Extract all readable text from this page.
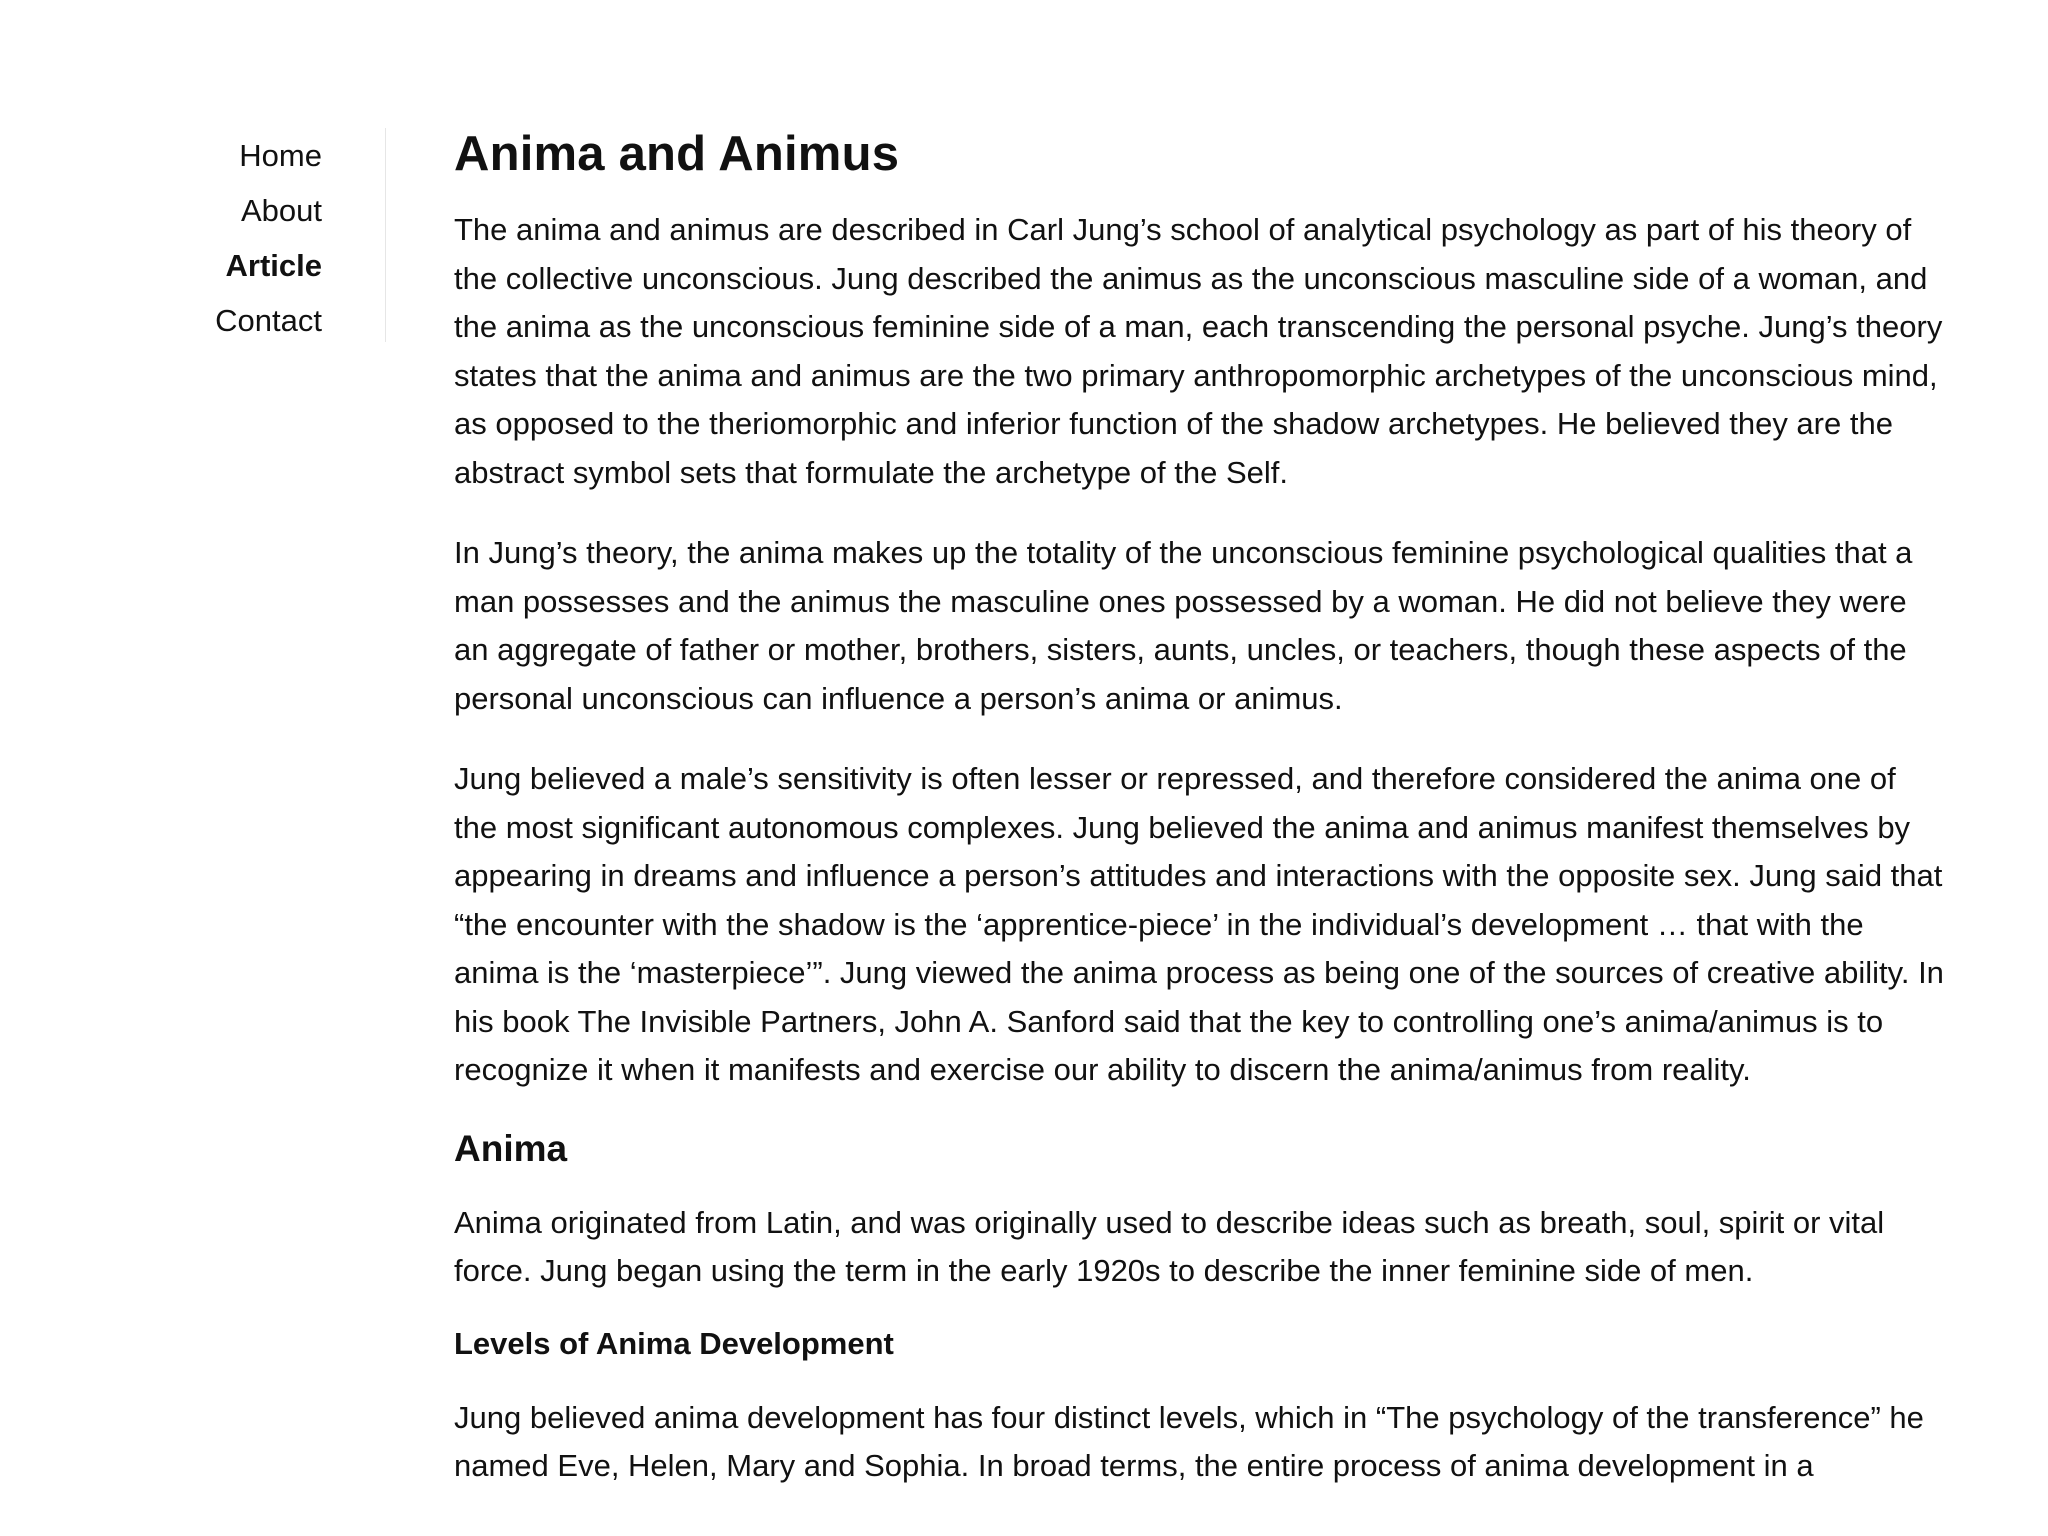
Home
About
Article
Contact
Anima and Animus

The anima and animus are described in Carl Jung’s school of analytical psychology as part of his theory of the collective unconscious. Jung described the animus as the unconscious masculine side of a woman, and the anima as the unconscious feminine side of a man, each transcending the personal psyche. Jung’s theory states that the anima and animus are the two primary anthropomorphic archetypes of the unconscious mind, as opposed to the theriomorphic and inferior function of the shadow archetypes. He believed they are the abstract symbol sets that formulate the archetype of the Self.

In Jung’s theory, the anima makes up the totality of the unconscious feminine psychological qualities that a man possesses and the animus the masculine ones possessed by a woman. He did not believe they were an aggregate of father or mother, brothers, sisters, aunts, uncles, or teachers, though these aspects of the personal unconscious can influence a person’s anima or animus.

Jung believed a male’s sensitivity is often lesser or repressed, and therefore considered the anima one of the most significant autonomous complexes. Jung believed the anima and animus manifest themselves by appearing in dreams and influence a person’s attitudes and interactions with the opposite sex. Jung said that “the encounter with the shadow is the ‘apprentice-piece’ in the individual’s development … that with the anima is the ‘masterpiece’”. Jung viewed the anima process as being one of the sources of creative ability. In his book The Invisible Partners, John A. Sanford said that the key to controlling one’s anima/animus is to recognize it when it manifests and exercise our ability to discern the anima/animus from reality.

Anima

Anima originated from Latin, and was originally used to describe ideas such as breath, soul, spirit or vital force. Jung began using the term in the early 1920s to describe the inner feminine side of men.

Levels of Anima Development

Jung believed anima development has four distinct levels, which in “The psychology of the transference” he named Eve, Helen, Mary and Sophia. In broad terms, the entire process of anima development in a
